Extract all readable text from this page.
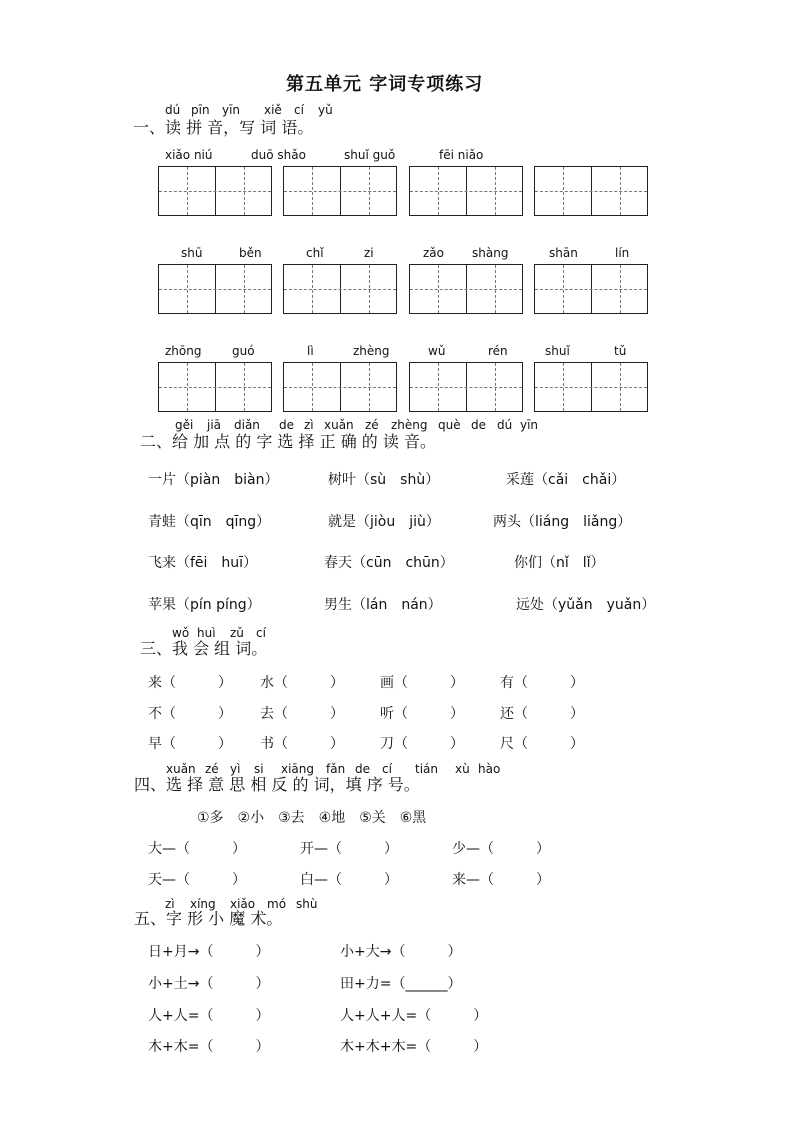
第五单元 字词专项练习
dú pīn yīn xiě cí yǔ
一、读 拼 音，写 词 语。
xiǎo niú	duō shǎo	shuǐ guǒ	fēi niǎo
shū	běn	chǐ	zi	zǎo shàng	shān	lín
zhōng	guó	lì	zhèng	wǔ	rén	shuǐ	tǔ
gěi jiā diǎn de zì xuǎn zé zhèng què de dú yīn
二、给 加 点 的 字 选 择 正 确 的 读 音。
一片（piàn　biàn）	树叶（sù　shù）	采莲（cǎi　chǎi）
青蛙（qīn　qīng）	就是（jiòu　jiù）	两头（liáng　liǎng）
飞来（fēi　huī）	春天（cūn　chūn）	你们（nǐ　lǐ）
苹果（pín píng）	男生（lán　nán）	远处（yǔǎn　yuǎn）
wǒ huì zǔ cí
三、我 会 组 词。
来（　　　） 水（　　　）	画（　　　）	有（　　　）
不（　　　） 去（　　　）	听（　　　）	还（　　　）
早（　　　） 书（　　　）	刀（　　　）	尺（　　　）
xuǎn zé yì si xiāng fǎn de cí tián xù hào
四、选 择 意 思 相 反 的 词，填 序 号。
①多　②小　③去　④地　⑤关　⑥黑
大—（　　　）	开—（　　　）	少—（　　　）
天—（　　　）	白—（　　　）	来—（　　　）
zì xíng xiǎo mó shù
五、字 形 小 魔 术。
日+月→（　　　）	小+大→（　　　）
小+土→（　　　）	田+力=（______）
人+人=（　　　）	人+人+人=（　　　）
木+木=（　　　）	木+木+木=（　　　）
